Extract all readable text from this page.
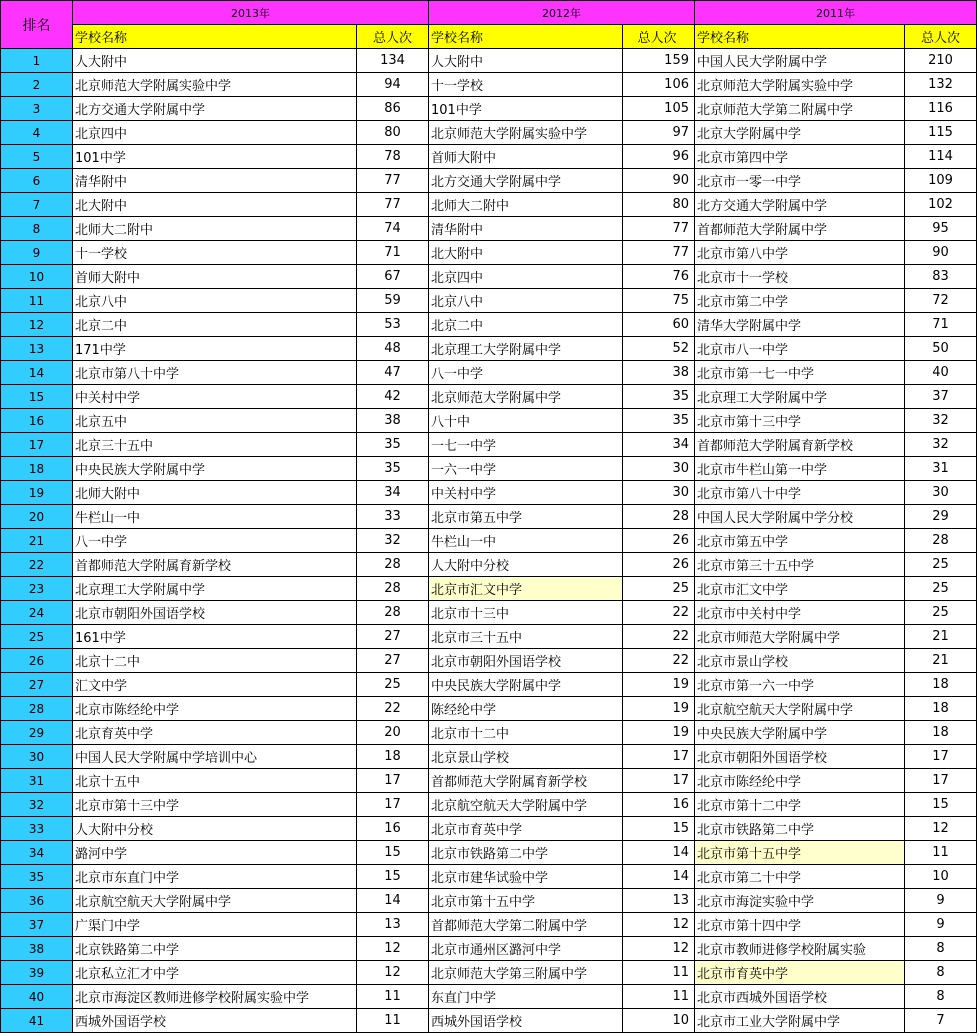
排名	2013年		2012年		2011年	
	学校名称	总人次	学校名称	总人次	学校名称	总人次
1	人大附中	134	人大附中	159	中国人民大学附属中学	210
2	北京师范大学附属实验中学	94	十一学校	106	北京师范大学附属实验中学	132
3	北方交通大学附属中学	86	101中学	105	北京师范大学第二附属中学	116
4	北京四中	80	北京师范大学附属实验中学	97	北京大学附属中学	115
5	101中学	78	首师大附中	96	北京市第四中学	114
6	清华附中	77	北方交通大学附属中学	90	北京市一零一中学	109
7	北大附中	77	北师大二附中	80	北方交通大学附属中学	102
8	北师大二附中	74	清华附中	77	首都师范大学附属中学	95
9	十一学校	71	北大附中	77	北京市第八中学	90
10	首师大附中	67	北京四中	76	北京市十一学校	83
11	北京八中	59	北京八中	75	北京市第二中学	72
12	北京二中	53	北京二中	60	清华大学附属中学	71
13	171中学	48	北京理工大学附属中学	52	北京市八一中学	50
14	北京市第八十中学	47	八一中学	38	北京市第一七一中学	40
15	中关村中学	42	北京师范大学附属中学	35	北京理工大学附属中学	37
16	北京五中	38	八十中	35	北京市第十三中学	32
17	北京三十五中	35	一七一中学	34	首都师范大学附属育新学校	32
18	中央民族大学附属中学	35	一六一中学	30	北京市牛栏山第一中学	31
19	北师大附中	34	中关村中学	30	北京市第八十中学	30
20	牛栏山一中	33	北京市第五中学	28	中国人民大学附属中学分校	29
21	八一中学	32	牛栏山一中	26	北京市第五中学	28
22	首都师范大学附属育新学校	28	人大附中分校	26	北京市第三十五中学	25
23	北京理工大学附属中学	28	北京市汇文中学	25	北京市汇文中学	25
24	北京市朝阳外国语学校	28	北京市十三中	22	北京市中关村中学	25
25	161中学	27	北京市三十五中	22	北京市师范大学附属中学	21
26	北京十二中	27	北京市朝阳外国语学校	22	北京市景山学校	21
27	汇文中学	25	中央民族大学附属中学	19	北京市第一六一中学	18
28	北京市陈经纶中学	22	陈经纶中学	19	北京航空航天大学附属中学	18
29	北京育英中学	20	北京市十二中	19	中央民族大学附属中学	18
30	中国人民大学附属中学培训中心	18	北京景山学校	17	北京市朝阳外国语学校	17
31	北京十五中	17	首都师范大学附属育新学校	17	北京市陈经纶中学	17
32	北京市第十三中学	17	北京航空航天大学附属中学	16	北京市第十二中学	15
33	人大附中分校	16	北京市育英中学	15	北京市铁路第二中学	12
34	潞河中学	15	北京市铁路第二中学	14	北京市第十五中学	11
35	北京市东直门中学	15	北京市建华试验中学	14	北京市第二十中学	10
36	北京航空航天大学附属中学	14	北京市第十五中学	13	北京市海淀实验中学	9
37	广渠门中学	13	首都师范大学第二附属中学	12	北京市第十四中学	9
38	北京铁路第二中学	12	北京市通州区潞河中学	12	北京市教师进修学校附属实验	8
39	北京私立汇才中学	12	北京师范大学第三附属中学	11	北京市育英中学	8
40	北京市海淀区教师进修学校附属实验中学	11	东直门中学	11	北京市西城外国语学校	8
41	西城外国语学校	11	西城外国语学校	10	北京市工业大学附属中学	7
